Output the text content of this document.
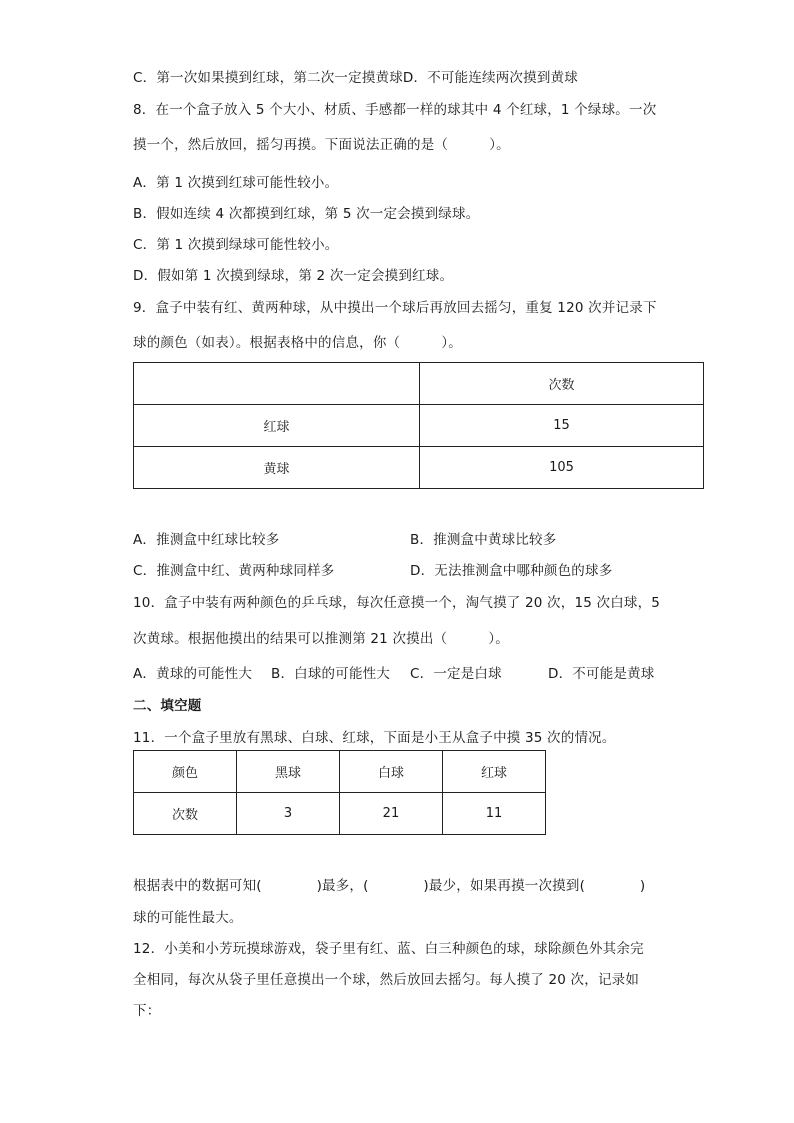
C．第一次如果摸到红球，第二次一定摸黄球D．不可能连续两次摸到黄球
8．在一个盒子放入 5 个大小、材质、手感都一样的球其中 4 个红球，1 个绿球。一次
摸一个，然后放回，摇匀再摸。下面说法正确的是（　　　）。
A．第 1 次摸到红球可能性较小。
B．假如连续 4 次都摸到红球，第 5 次一定会摸到绿球。
C．第 1 次摸到绿球可能性较小。
D．假如第 1 次摸到绿球，第 2 次一定会摸到红球。
9．盒子中装有红、黄两种球，从中摸出一个球后再放回去摇匀，重复 120 次并记录下
球的颜色（如表）。根据表格中的信息，你（　　　）。
	次数
红球	15
黄球	105
A．推测盒中红球比较多	B．推测盒中黄球比较多
C．推测盒中红、黄两种球同样多	D．无法推测盒中哪种颜色的球多
10．盒子中装有两种颜色的乒乓球，每次任意摸一个，淘气摸了 20 次，15 次白球，5
次黄球。根据他摸出的结果可以推测第 21 次摸出（　　　）。
A．黄球的可能性大 B．白球的可能性大 C．一定是白球	D．不可能是黄球
二、填空题
11．一个盒子里放有黑球、白球、红球，下面是小王从盒子中摸 35 次的情况。
颜色	黑球	白球	红球
次数	3	21	11
根据表中的数据可知(　　　　)最多，(　　　　)最少，如果再摸一次摸到(　　　　)
球的可能性最大。
12．小美和小芳玩摸球游戏，袋子里有红、蓝、白三种颜色的球，球除颜色外其余完
全相同，每次从袋子里任意摸出一个球，然后放回去摇匀。每人摸了 20 次，记录如
下：
